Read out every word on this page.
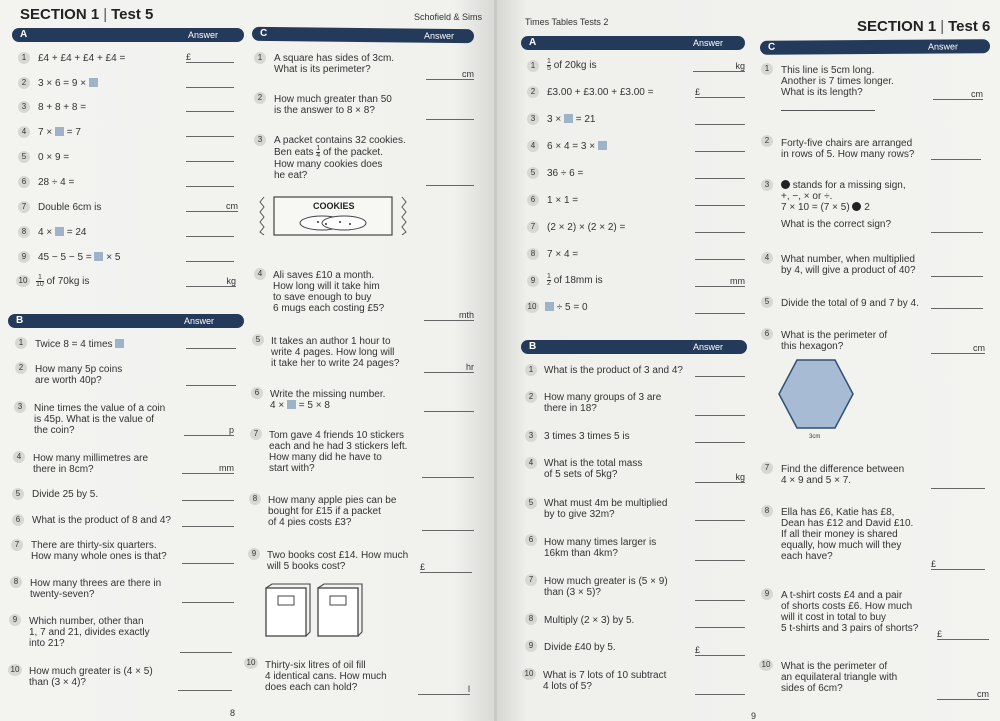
SECTION 1 | Test 5	Schofield & Sims
A	Answer
1	£4 + £4 + £4 + £4 =	£
2	3 × 6 = 9 ×
3	8 + 8 + 8 =
4	7 × = 7
5	0 × 9 =
6	28 ÷ 4 =
7	Double 6cm is	cm
8	4 × = 24
9	45 − 5 − 5 = × 5
10	$\frac{1}{10}$ of 70kg is	kg
B	Answer
1	Twice 8 = 4 times
2	How many 5p coins
are worth 40p?
3	Nine times the value of a coin
is 45p. What is the value of
the coin?	p
4	How many millimetres are
there in 8cm?	mm
5	Divide 25 by 5.
6	What is the product of 8 and 4?
7	There are thirty-six quarters.
How many whole ones is that?
8	How many threes are there in
twenty-seven?
9	Which number, other than
1, 7 and 21, divides exactly
into 21?
10 How much greater is (4 × 5)
than (3 × 4)?
C	Answer
1	A square has sides of 3cm.
What is its perimeter?	cm
2	How much greater than 50
is the answer to 8 × 8?
3	A packet contains 32 cookies.
Ben eats $\frac{1}{4}$ of the packet.
How many cookies does
he eat?
COOKIES
4	Ali saves £10 a month.
How long will it take him
to save enough to buy
6 mugs each costing £5?
mth
5	It takes an author 1 hour to
write 4 pages. How long will
it take her to write 24 pages?	hr
6	Write the missing number.
4 × = 5 × 8
7	Tom gave 4 friends 10 stickers
each and he had 3 stickers left.
How many did he have to
start with?
8	How many apple pies can be
bought for £15 if a packet
of 4 pies costs £3?
9	Two books cost £14. How much
will 5 books cost?	£
10 Thirty-six litres of oil fill
4 identical cans. How much
does each can hold?	l
8
Times Tables Tests 2	SECTION 1 | Test 6
A	Answer
1	$\frac{1}{5}$ of 20kg is	kg
2	£3.00 + £3.00 + £3.00 =	£
3	3 × = 21
4	6 × 4 = 3 ×
5	36 ÷ 6 =
6	1 × 1 =
7	(2 × 2) × (2 × 2) =
8	7 × 4 =
9	$\frac{1}{2}$ of 18mm is	mm
10	÷ 5 = 0
B	Answer
1	What is the product of 3 and 4?
2	How many groups of 3 are
there in 18?
3	3 times 3 times 5 is
4	What is the total mass
of 5 sets of 5kg?	kg
5	What must 4m be multiplied
by to give 32m?
6	How many times larger is
16km than 4km?
7	How much greater is (5 × 9)
than (3 × 5)?
8	Multiply (2 × 3) by 5.
9	Divide £40 by 5.	£
10 What is 7 lots of 10 subtract
4 lots of 5?
C	Answer
1	This line is 5cm long.
Another is 7 times longer.
What is its length?	cm
2	Forty-five chairs are arranged
in rows of 5. How many rows?
3	stands for a missing sign,
+, −, × or ÷.
7 × 10 = (7 × 5) 2
What is the correct sign?
4	What number, when multiplied
by 4, will give a product of 40?
5	Divide the total of 9 and 7 by 4.
6	What is the perimeter of
this hexagon?	cm
3cm
7	Find the difference between
4 × 9 and 5 × 7.
8	Ella has £6, Katie has £8,
Dean has £12 and David £10.
If all their money is shared
equally, how much will they
each have?
£
9	A t-shirt costs £4 and a pair
of shorts costs £6. How much
will it cost in total to buy
5 t-shirts and 3 pairs of shorts? £
10 What is the perimeter of
an equilateral triangle with
sides of 6cm?	cm
9
